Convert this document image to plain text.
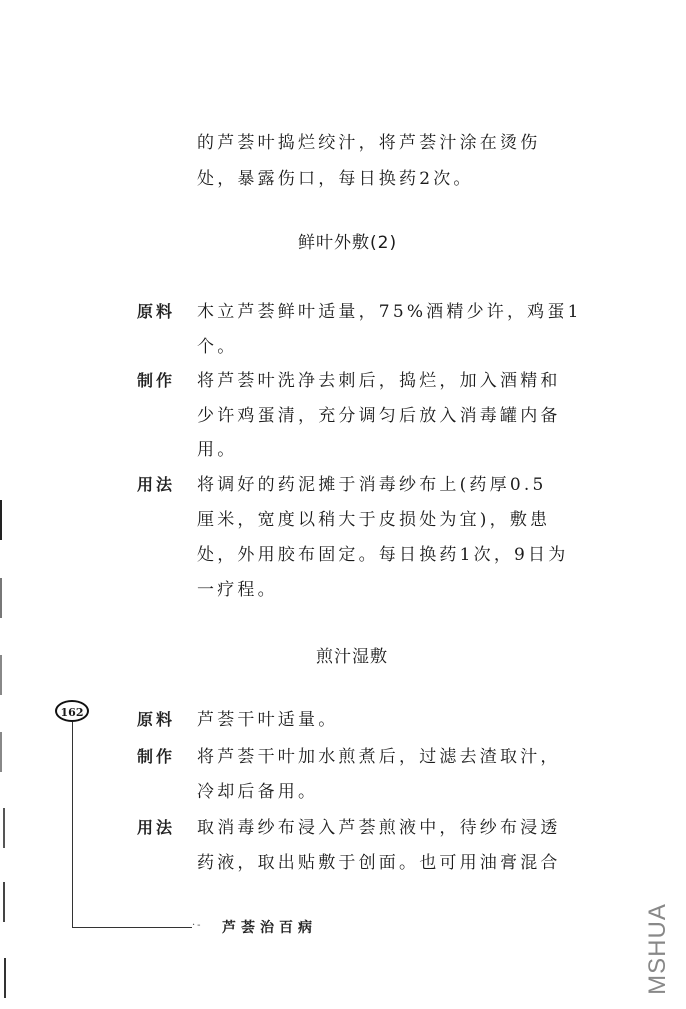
的芦荟叶捣烂绞汁，将芦荟汁涂在烫伤
处，暴露伤口，每日换药2次。
鲜叶外敷(2)
原料 木立芦荟鲜叶适量，75%酒精少许，鸡蛋1
个。
制作 将芦荟叶洗净去刺后，捣烂，加入酒精和
少许鸡蛋清，充分调匀后放入消毒罐内备
用。
用法 将调好的药泥摊于消毒纱布上(药厚0.5
厘米，宽度以稍大于皮损处为宜)，敷患
处，外用胶布固定。每日换药1次，9日为
一疗程。
煎汁湿敷
原料 芦荟干叶适量。
制作 将芦荟干叶加水煎煮后，过滤去渣取汁，
冷却后备用。
用法 取消毒纱布浸入芦荟煎液中，待纱布浸透
药液，取出贴敷于创面。也可用油膏混合
162
·- 芦荟治百病	MSHUA
